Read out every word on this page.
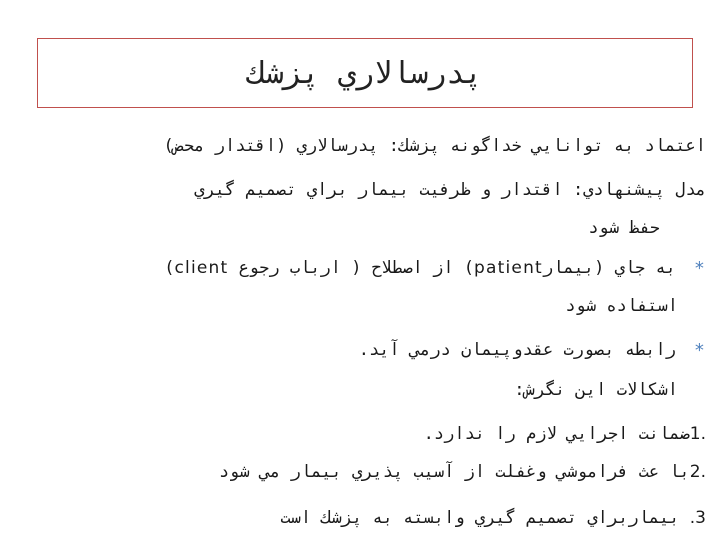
پدرسالاري پزشك
اعتماد به توانايي خداگونه پزشك: پدرسالاري (اقتدار محض)
مدل پيشنهادي: اقتدار و ظرفيت بيمار براي تصميم گيري
حفظ شود
*
به جاي (بيمارpatient) از اصطلاح ( ارباب رجوع client)
استفاده شود
*
رابطه بصورت عقدوپيمان درمي آيد.
اشكالات اين نگرش:
1.ضمانت اجرايي لازم را ندارد.
2.با عث فراموشي وغفلت از آسيب پذيري بيمار مي شود
.3 بيماربراي تصميم گيري وابسته به پزشك است
